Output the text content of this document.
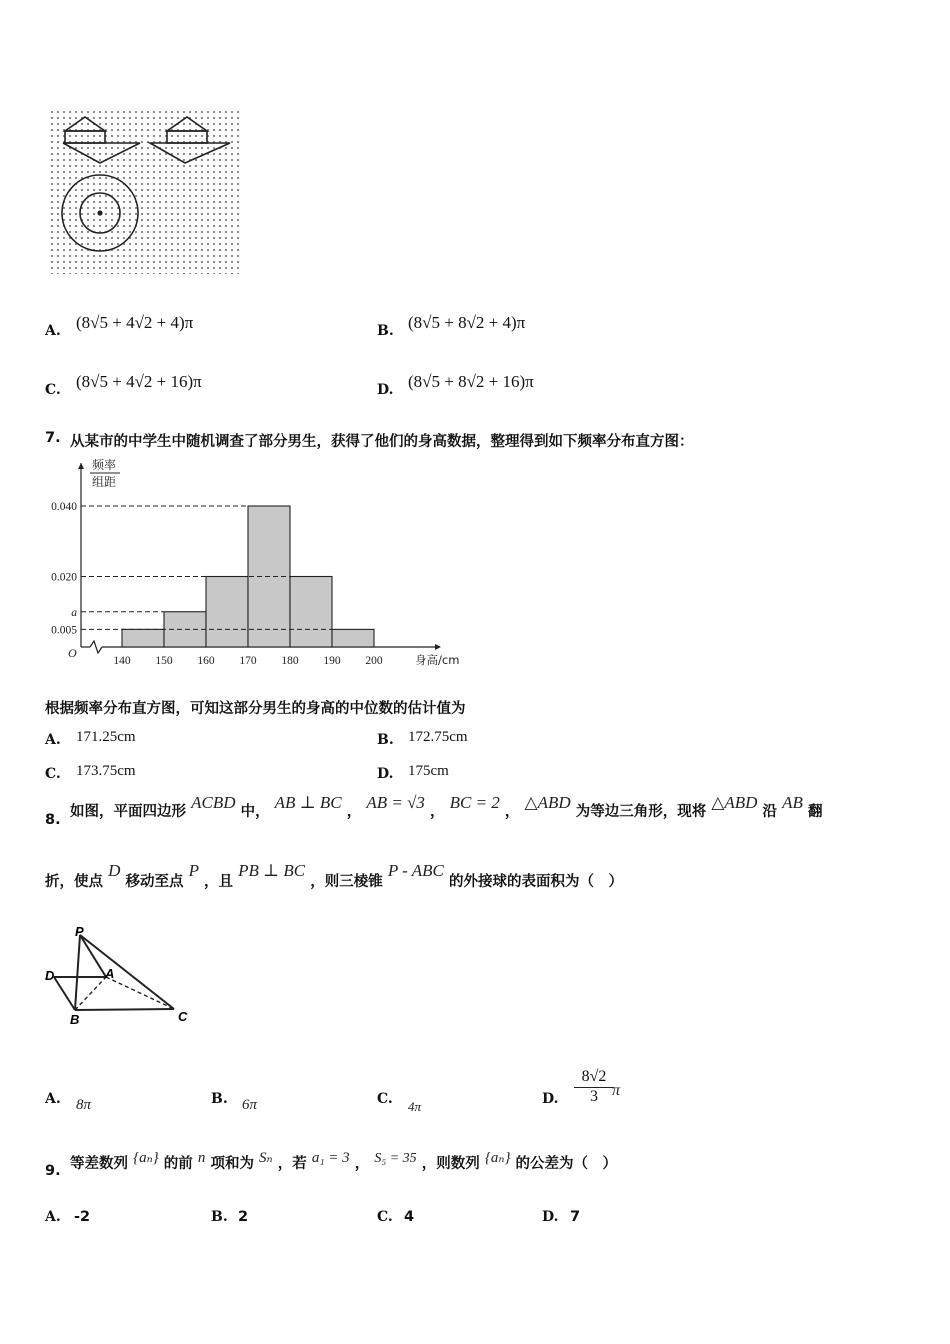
A. (8√5 + 4√2 + 4)π	B. (8√5 + 8√2 + 4)π
C. (8√5 + 4√2 + 16)π	D. (8√5 + 8√2 + 16)π
7. 从某市的中学生中随机调查了部分男生，获得了他们的身高数据，整理得到如下频率分布直方图：
频率
组距
0.040
0.020
a
0.005
O
140 150 160 170 180 190 200	身高/cm
根据频率分布直方图，可知这部分男生的身高的中位数的估计值为
A. 171.25cm	B. 172.75cm
C. 173.75cm	D. 175cm
8. 如图，平面四边形 ACBD 中， AB ⊥ BC ， AB = √3 ， BC = 2 ， △ABD 为等边三角形，现将 △ABD 沿 AB 翻
折，使点 D 移动至点 P ，且 PB ⊥ BC ，则三棱锥 P - ABC 的外接球的表面积为（　）
P
D	A
B	C
A. 8π	B. 6π	C. 4π	D. $\frac{8√2}{3}$
π
9. 等差数列 {aₙ} 的前 n 项和为 Sₙ ，若 a₁ = 3 ， S₅ = 35 ，则数列 {aₙ} 的公差为（　）
A. -2	B. 2	C. 4	D. 7
